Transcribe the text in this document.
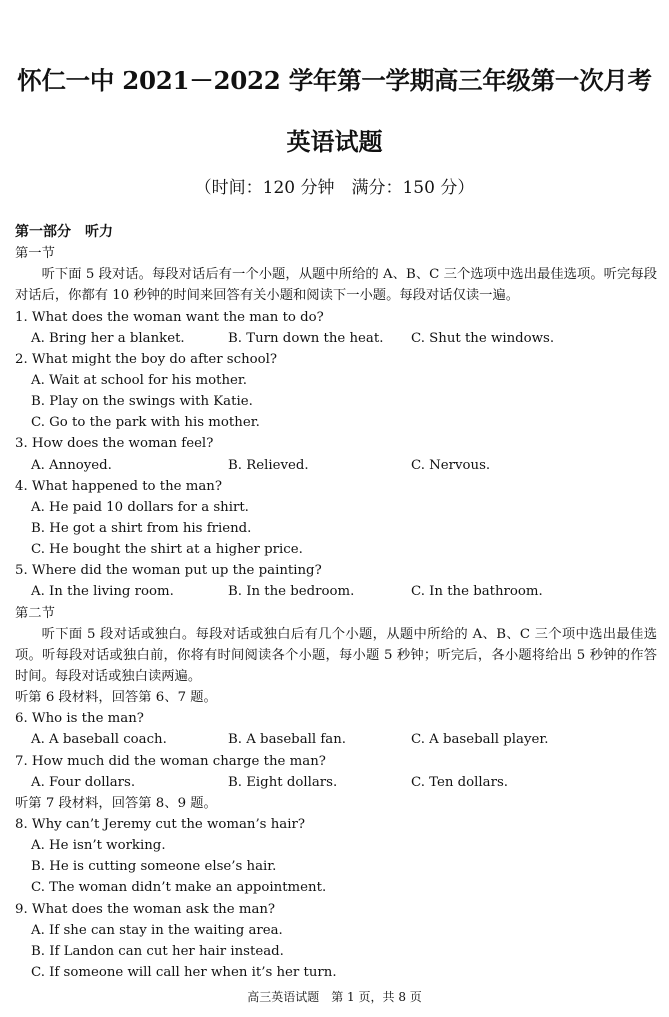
怀仁一中 2021－2022 学年第一学期高三年级第一次月考
英语试题
（时间：120 分钟　满分：150 分）
第一部分　听力
第一节
听下面 5 段对话。每段对话后有一个小题，从题中所给的 A、B、C 三个选项中选出最佳选项。听完每段对话后，你都有 10 秒钟的时间来回答有关小题和阅读下一小题。每段对话仅读一遍。
1. What does the woman want the man to do?
A. Bring her a blanket.	B. Turn down the heat.	C. Shut the windows.
2. What might the boy do after school?
A. Wait at school for his mother.
B. Play on the swings with Katie.
C. Go to the park with his mother.
3. How does the woman feel?
A. Annoyed.	B. Relieved.	C. Nervous.
4. What happened to the man?
A. He paid 10 dollars for a shirt.
B. He got a shirt from his friend.
C. He bought the shirt at a higher price.
5. Where did the woman put up the painting?
A. In the living room.	B. In the bedroom.	C. In the bathroom.
第二节
听下面 5 段对话或独白。每段对话或独白后有几个小题，从题中所给的 A、B、C 三个项中选出最佳选项。听每段对话或独白前，你将有时间阅读各个小题，每小题 5 秒钟；听完后，各小题将给出 5 秒钟的作答时间。每段对话或独白读两遍。
听第 6 段材料，回答第 6、7 题。
6. Who is the man?
A. A baseball coach.	B. A baseball fan.	C. A baseball player.
7. How much did the woman charge the man?
A. Four dollars.	B. Eight dollars.	C. Ten dollars.
听第 7 段材料，回答第 8、9 题。
8. Why can’t Jeremy cut the woman’s hair?
A. He isn’t working.
B. He is cutting someone else’s hair.
C. The woman didn’t make an appointment.
9. What does the woman ask the man?
A. If she can stay in the waiting area.
B. If Landon can cut her hair instead.
C. If someone will call her when it’s her turn.
高三英语试题　第 1 页，共 8 页
